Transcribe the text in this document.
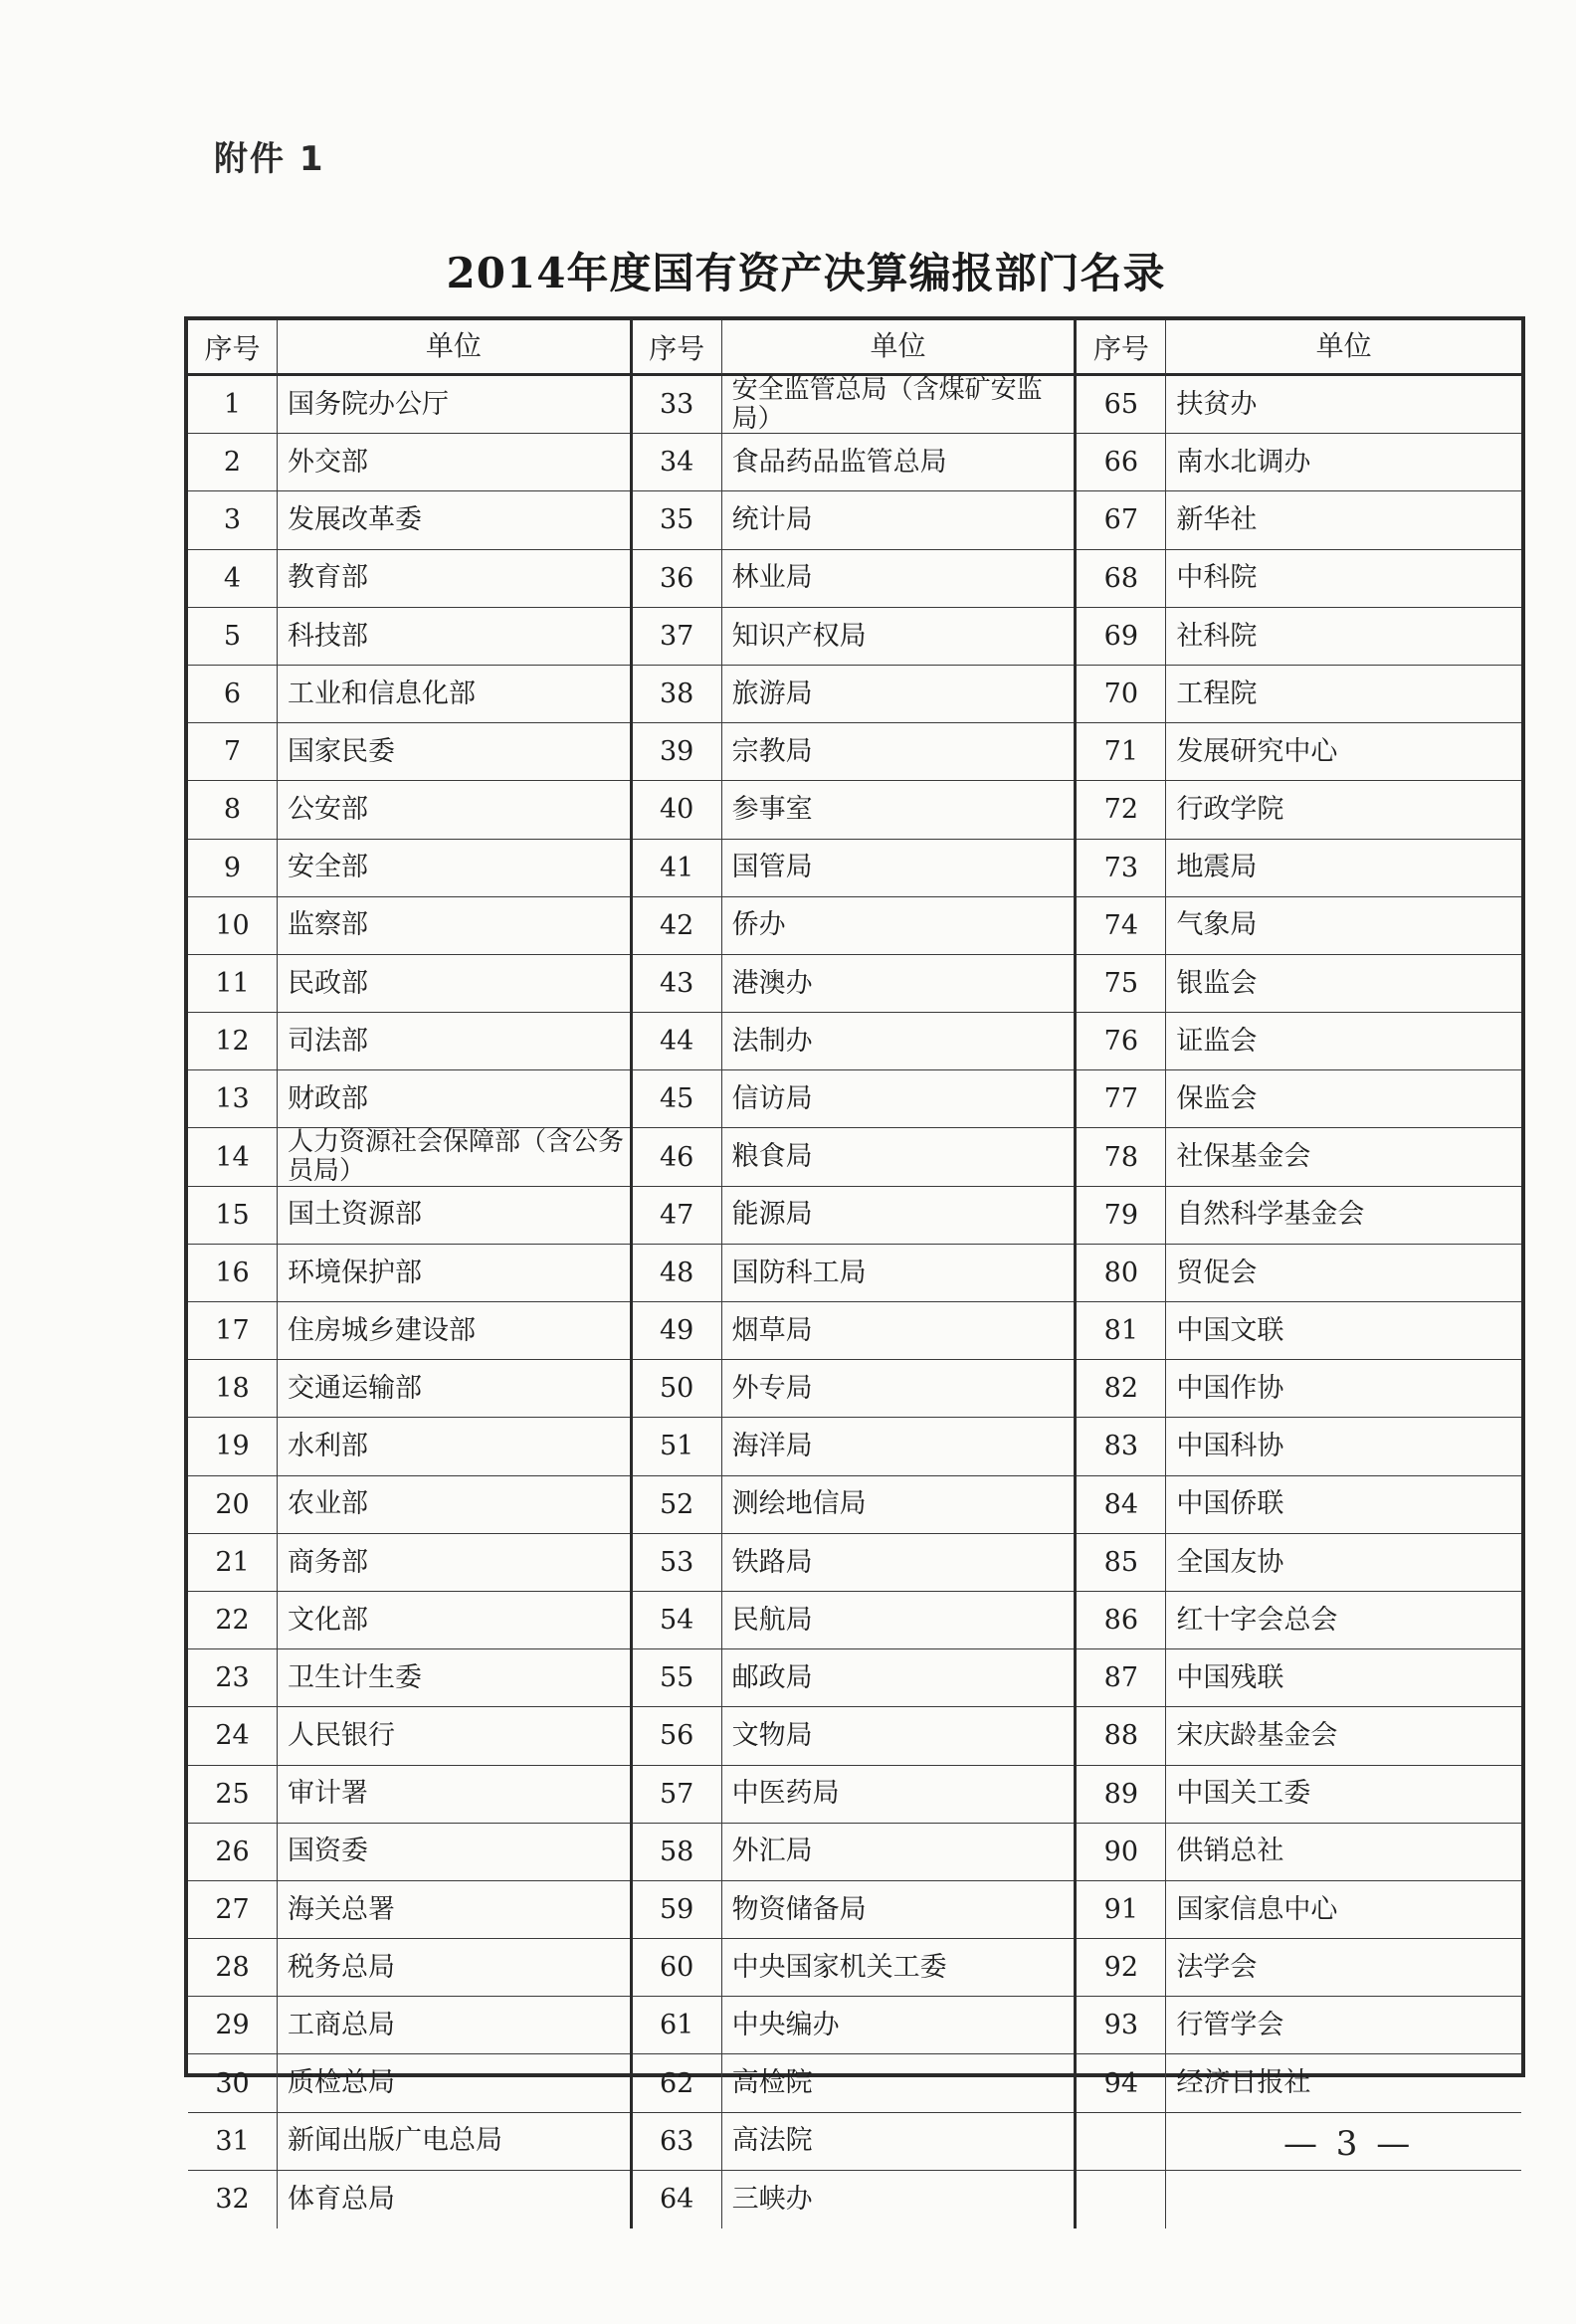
附件 1
2014年度国有资产决算编报部门名录
序号	单位
1	国务院办公厅
2	外交部
3	发展改革委
4	教育部
5	科技部
6	工业和信息化部
7	国家民委
8	公安部
9	安全部
10	监察部
11	民政部
12	司法部
13	财政部
14	人力资源社会保障部（含公务员局）
15	国土资源部
16	环境保护部
17	住房城乡建设部
18	交通运输部
19	水利部
20	农业部
21	商务部
22	文化部
23	卫生计生委
24	人民银行
25	审计署
26	国资委
27	海关总署
28	税务总局
29	工商总局
30	质检总局
31	新闻出版广电总局
32	体育总局
序号	单位
33	安全监管总局（含煤矿安监局）
34	食品药品监管总局
35	统计局
36	林业局
37	知识产权局
38	旅游局
39	宗教局
40	参事室
41	国管局
42	侨办
43	港澳办
44	法制办
45	信访局
46	粮食局
47	能源局
48	国防科工局
49	烟草局
50	外专局
51	海洋局
52	测绘地信局
53	铁路局
54	民航局
55	邮政局
56	文物局
57	中医药局
58	外汇局
59	物资储备局
60	中央国家机关工委
61	中央编办
62	高检院
63	高法院
64	三峡办
序号	单位
65	扶贫办
66	南水北调办
67	新华社
68	中科院
69	社科院
70	工程院
71	发展研究中心
72	行政学院
73	地震局
74	气象局
75	银监会
76	证监会
77	保监会
78	社保基金会
79	自然科学基金会
80	贸促会
81	中国文联
82	中国作协
83	中国科协
84	中国侨联
85	全国友协
86	红十字会总会
87	中国残联
88	宋庆龄基金会
89	中国关工委
90	供销总社
91	国家信息中心
92	法学会
93	行管学会
94	经济日报社
— 3 —
